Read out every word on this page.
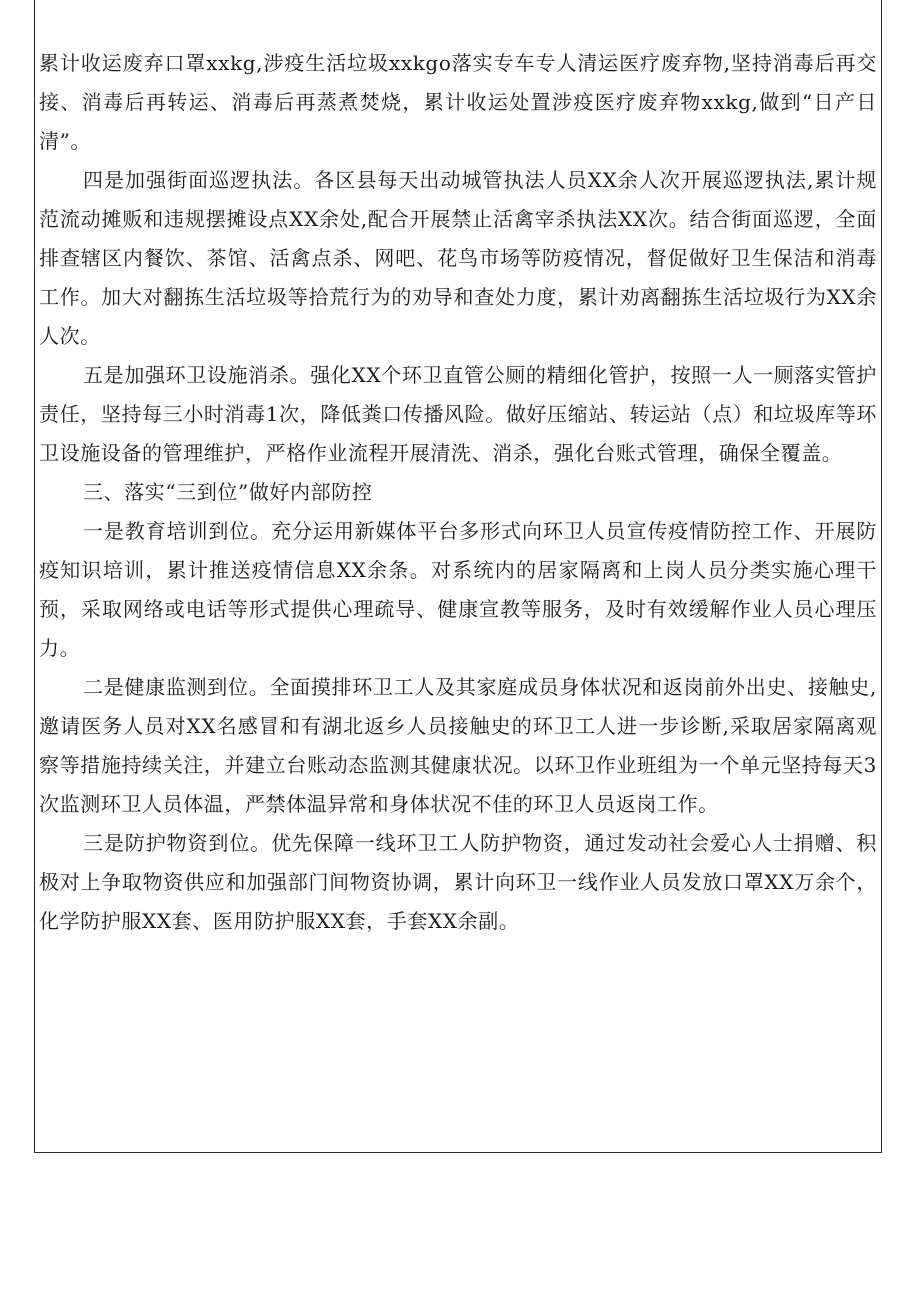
累计收运废弃口罩xxkg,涉疫生活垃圾xxkgo落实专车专人清运医疗废弃物,坚持消毒后再交接、消毒后再转运、消毒后再蒸煮焚烧，累计收运处置涉疫医疗废弃物xxkg,做到“日产日清”。

四是加强街面巡逻执法。各区县每天出动城管执法人员XX余人次开展巡逻执法,累计规范流动摊贩和违规摆摊设点XX余处,配合开展禁止活禽宰杀执法XX次。结合街面巡逻，全面排查辖区内餐饮、茶馆、活禽点杀、网吧、花鸟市场等防疫情况，督促做好卫生保洁和消毒工作。加大对翻拣生活垃圾等拾荒行为的劝导和查处力度，累计劝离翻拣生活垃圾行为XX余人次。

五是加强环卫设施消杀。强化XX个环卫直管公厕的精细化管护，按照一人一厕落实管护责任，坚持每三小时消毒1次，降低粪口传播风险。做好压缩站、转运站（点）和垃圾库等环卫设施设备的管理维护，严格作业流程开展清洗、消杀，强化台账式管理，确保全覆盖。

三、落实“三到位”做好内部防控

一是教育培训到位。充分运用新媒体平台多形式向环卫人员宣传疫情防控工作、开展防疫知识培训，累计推送疫情信息XX余条。对系统内的居家隔离和上岗人员分类实施心理干预，采取网络或电话等形式提供心理疏导、健康宣教等服务，及时有效缓解作业人员心理压力。

二是健康监测到位。全面摸排环卫工人及其家庭成员身体状况和返岗前外出史、接触史,邀请医务人员对XX名感冒和有湖北返乡人员接触史的环卫工人进一步诊断,采取居家隔离观察等措施持续关注，并建立台账动态监测其健康状况。以环卫作业班组为一个单元坚持每天3次监测环卫人员体温，严禁体温异常和身体状况不佳的环卫人员返岗工作。

三是防护物资到位。优先保障一线环卫工人防护物资，通过发动社会爱心人士捐赠、积极对上争取物资供应和加强部门间物资协调，累计向环卫一线作业人员发放口罩XX万余个，化学防护服XX套、医用防护服XX套，手套XX余副。
